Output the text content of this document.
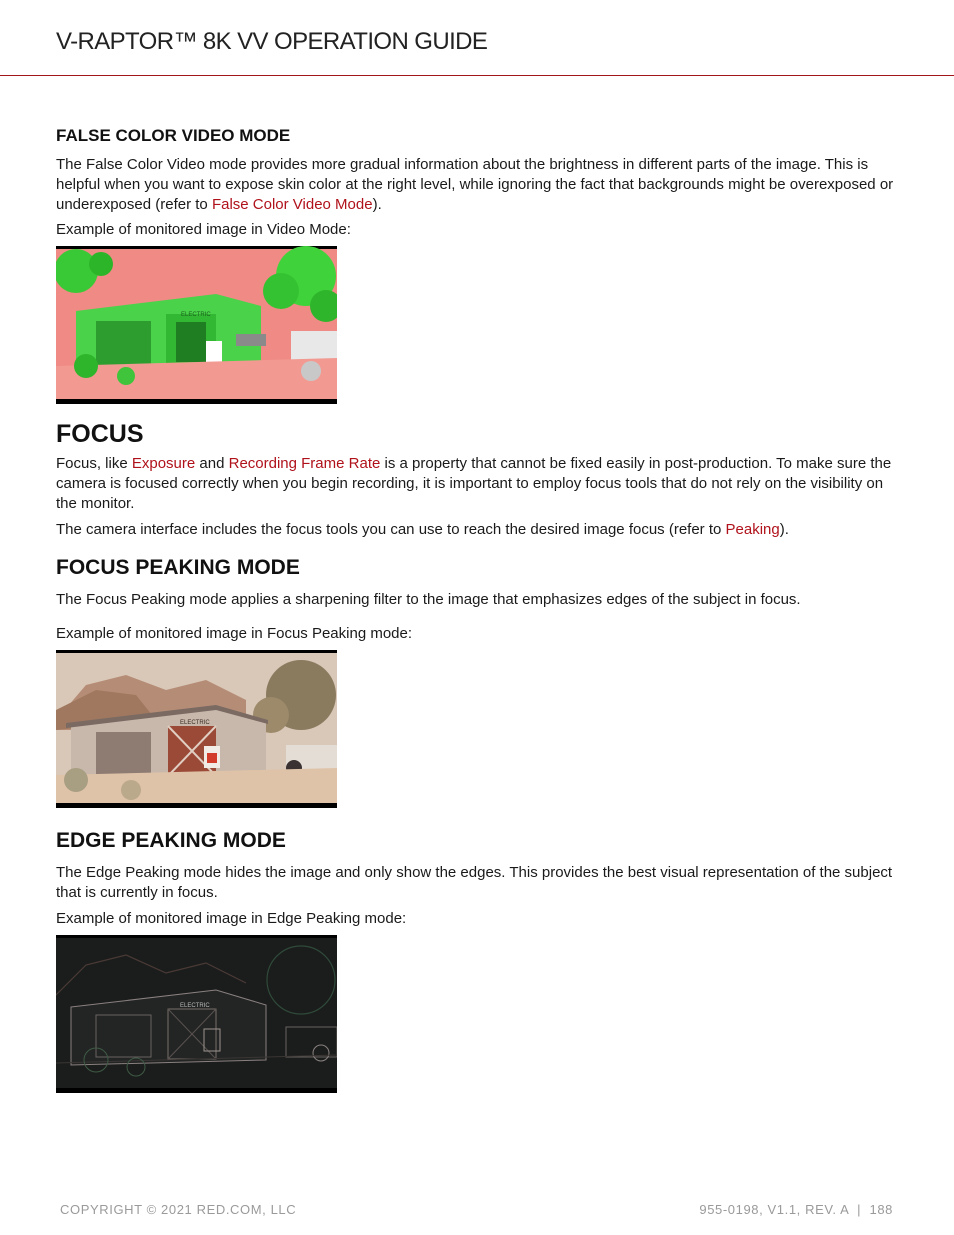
V-RAPTOR™ 8K VV OPERATION GUIDE
FALSE COLOR VIDEO MODE

The False Color Video mode provides more gradual information about the brightness in different parts of the image. This is helpful when you want to expose skin color at the right level, while ignoring the fact that backgrounds might be overexposed or underexposed (refer to False Color Video Mode).

Example of monitored image in Video Mode:

ELECTRIC
FOCUS

Focus, like Exposure and Recording Frame Rate is a property that cannot be fixed easily in post-production. To make sure the camera is focused correctly when you begin recording, it is important to employ focus tools that do not rely on the visibility on the monitor.

The camera interface includes the focus tools you can use to reach the desired image focus (refer to Peaking).

FOCUS PEAKING MODE

The Focus Peaking mode applies a sharpening filter to the image that emphasizes edges of the subject in focus.

Example of monitored image in Focus Peaking mode:

ELECTRIC
EDGE PEAKING MODE

The Edge Peaking mode hides the image and only show the edges. This provides the best visual representation of the subject that is currently in focus.

Example of monitored image in Edge Peaking mode:

ELECTRIC
COPYRIGHT © 2021 RED.COM, LLC	955-0198, V1.1, REV. A  |  188
